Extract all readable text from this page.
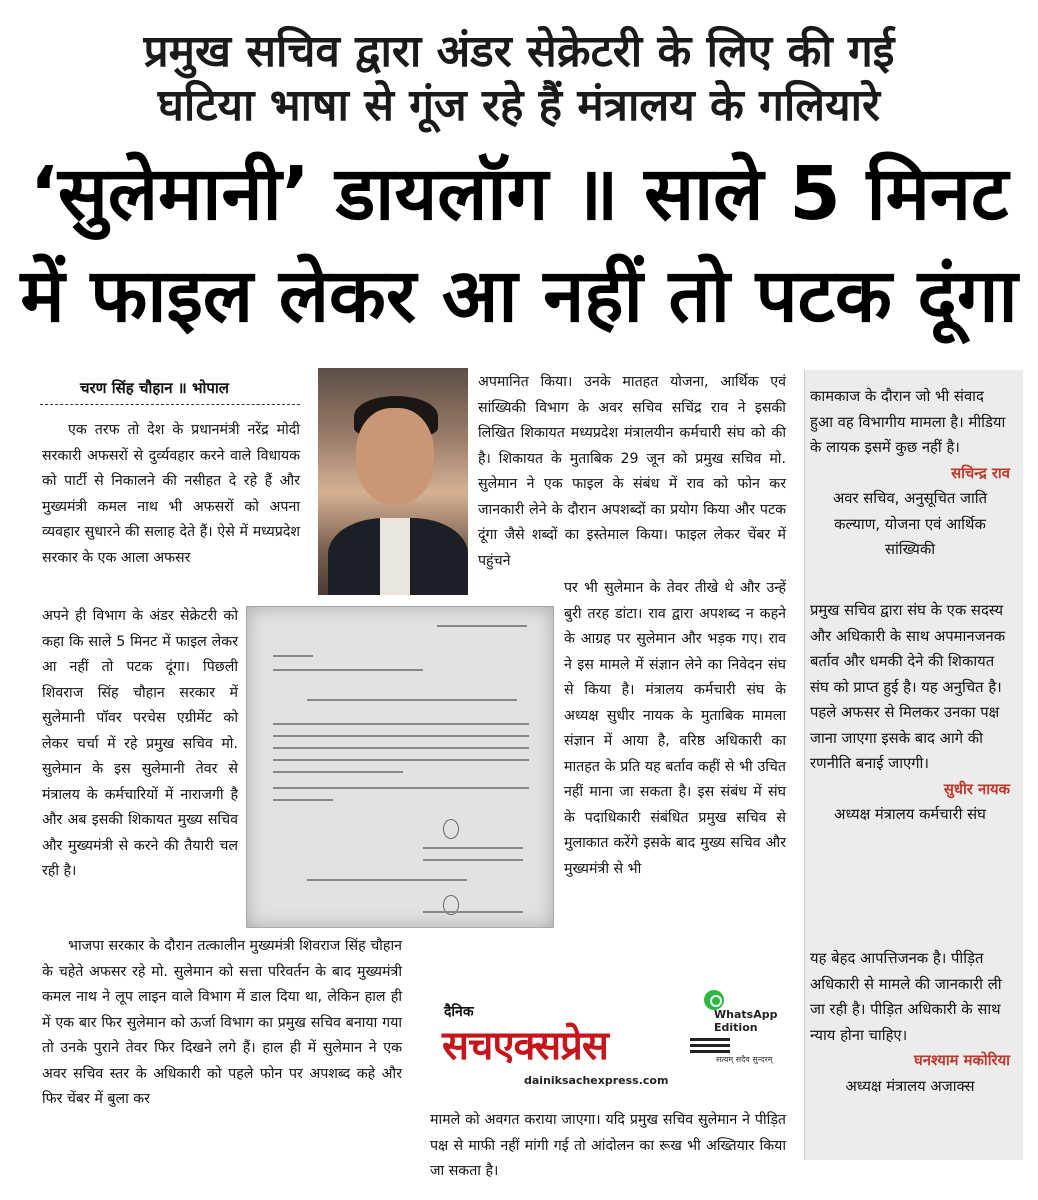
प्रमुख सचिव द्वारा अंडर सेक्रेटरी के लिए की गई
घटिया भाषा से गूंज रहे हैं मंत्रालय के गलियारे
‘सुलेमानी’ डायलॉग ॥ साले 5 मिनट
में फाइल लेकर आ नहीं तो पटक दूंगा
चरण सिंह चौहान ॥ भोपाल

एक तरफ तो देश के प्रधानमंत्री नरेंद्र मोदी सरकारी अफसरों से दुर्व्यवहार करने वाले विधायक को पार्टी से निकालने की नसीहत दे रहे हैं और मुख्यमंत्री कमल नाथ भी अफसरों को अपना व्यवहार सुधारने की सलाह देते हैं। ऐसे में मध्यप्रदेश सरकार के एक आला अफसर

अपने ही विभाग के अंडर सेक्रेटरी को कहा कि साले 5 मिनट में फाइल लेकर आ नहीं तो पटक दूंगा। पिछली शिवराज सिंह चौहान सरकार में सुलेमानी पॉवर परचेस एग्रीमेंट को लेकर चर्चा में रहे प्रमुख सचिव मो. सुलेमान के इस सुलेमानी तेवर से मंत्रालय के कर्मचारियों में नाराजगी है और अब इसकी शिकायत मुख्य सचिव और मुख्यमंत्री से करने की तैयारी चल रही है।

भाजपा सरकार के दौरान तत्कालीन मुख्यमंत्री शिवराज सिंह चौहान के चहेते अफसर रहे मो. सुलेमान को सत्ता परिवर्तन के बाद मुख्यमंत्री कमल नाथ ने लूप लाइन वाले विभाग में डाल दिया था, लेकिन हाल ही में एक बार फिर सुलेमान को ऊर्जा विभाग का प्रमुख सचिव बनाया गया तो उनके पुराने तेवर फिर दिखने लगे हैं। हाल ही में सुलेमान ने एक अवर सचिव स्तर के अधिकारी को पहले फोन पर अपशब्द कहे और फिर चेंबर में बुला कर

अपमानित किया। उनके मातहत योजना, आर्थिक एवं सांख्यिकी विभाग के अवर सचिव सचिंद्र राव ने इसकी लिखित शिकायत मध्यप्रदेश मंत्रालयीन कर्मचारी संघ को की है। शिकायत के मुताबिक 29 जून को प्रमुख सचिव मो. सुलेमान ने एक फाइल के संबंध में राव को फोन कर जानकारी लेने के दौरान अपशब्दों का प्रयोग किया और पटक दूंगा जैसे शब्दों का इस्तेमाल किया। फाइल लेकर चेंबर में पहुंचने

पर भी सुलेमान के तेवर तीखे थे और उन्हें बुरी तरह डांटा। राव द्वारा अपशब्द न कहने के आग्रह पर सुलेमान और भड़क गए। राव ने इस मामले में संज्ञान लेने का निवेदन संघ से किया है। मंत्रालय कर्मचारी संघ के अध्यक्ष सुधीर नायक के मुताबिक मामला संज्ञान में आया है, वरिष्ठ अधिकारी का मातहत के प्रति यह बर्ताव कहीं से भी उचित नहीं माना जा सकता है। इस संबंध में संघ के पदाधिकारी संबंधित प्रमुख सचिव से मुलाकात करेंगे इसके बाद मुख्य सचिव और मुख्यमंत्री से भी

दैनिक
सचएक्सप्रेस
WhatsApp Edition
सत्यम् सदैव सुन्दरम्
dainiksachexpress.com

मामले को अवगत कराया जाएगा। यदि प्रमुख सचिव सुलेमान ने पीड़ित पक्ष से माफी नहीं मांगी गई तो आंदोलन का रूख भी अख्तियार किया जा सकता है।

कामकाज के दौरान जो भी संवाद हुआ वह विभागीय मामला है। मीडिया के लायक इसमें कुछ नहीं है।

सचिन्द्र राव

अवर सचिव, अनुसूचित जाति कल्याण, योजना एवं आर्थिक सांख्यिकी

प्रमुख सचिव द्वारा संघ के एक सदस्य और अधिकारी के साथ अपमानजनक बर्ताव और धमकी देने की शिकायत संघ को प्राप्त हुई है। यह अनुचित है। पहले अफसर से मिलकर उनका पक्ष जाना जाएगा इसके बाद आगे की रणनीति बनाई जाएगी।

सुधीर नायक

अध्यक्ष मंत्रालय कर्मचारी संघ

यह बेहद आपत्तिजनक है। पीड़ित अधिकारी से मामले की जानकारी ली जा रही है। पीड़ित अधिकारी के साथ न्याय होना चाहिए।

घनश्याम मकोरिया

अध्यक्ष मंत्रालय अजाक्स
